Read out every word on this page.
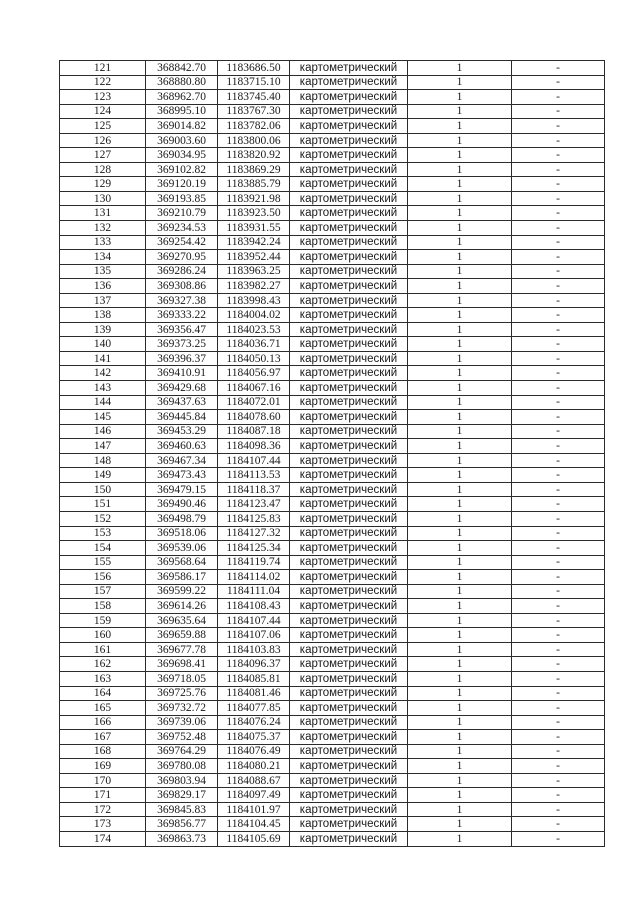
121	368842.70	1183686.50	картометрический	1	-
122	368880.80	1183715.10	картометрический	1	-
123	368962.70	1183745.40	картометрический	1	-
124	368995.10	1183767.30	картометрический	1	-
125	369014.82	1183782.06	картометрический	1	-
126	369003.60	1183800.06	картометрический	1	-
127	369034.95	1183820.92	картометрический	1	-
128	369102.82	1183869.29	картометрический	1	-
129	369120.19	1183885.79	картометрический	1	-
130	369193.85	1183921.98	картометрический	1	-
131	369210.79	1183923.50	картометрический	1	-
132	369234.53	1183931.55	картометрический	1	-
133	369254.42	1183942.24	картометрический	1	-
134	369270.95	1183952.44	картометрический	1	-
135	369286.24	1183963.25	картометрический	1	-
136	369308.86	1183982.27	картометрический	1	-
137	369327.38	1183998.43	картометрический	1	-
138	369333.22	1184004.02	картометрический	1	-
139	369356.47	1184023.53	картометрический	1	-
140	369373.25	1184036.71	картометрический	1	-
141	369396.37	1184050.13	картометрический	1	-
142	369410.91	1184056.97	картометрический	1	-
143	369429.68	1184067.16	картометрический	1	-
144	369437.63	1184072.01	картометрический	1	-
145	369445.84	1184078.60	картометрический	1	-
146	369453.29	1184087.18	картометрический	1	-
147	369460.63	1184098.36	картометрический	1	-
148	369467.34	1184107.44	картометрический	1	-
149	369473.43	1184113.53	картометрический	1	-
150	369479.15	1184118.37	картометрический	1	-
151	369490.46	1184123.47	картометрический	1	-
152	369498.79	1184125.83	картометрический	1	-
153	369518.06	1184127.32	картометрический	1	-
154	369539.06	1184125.34	картометрический	1	-
155	369568.64	1184119.74	картометрический	1	-
156	369586.17	1184114.02	картометрический	1	-
157	369599.22	1184111.04	картометрический	1	-
158	369614.26	1184108.43	картометрический	1	-
159	369635.64	1184107.44	картометрический	1	-
160	369659.88	1184107.06	картометрический	1	-
161	369677.78	1184103.83	картометрический	1	-
162	369698.41	1184096.37	картометрический	1	-
163	369718.05	1184085.81	картометрический	1	-
164	369725.76	1184081.46	картометрический	1	-
165	369732.72	1184077.85	картометрический	1	-
166	369739.06	1184076.24	картометрический	1	-
167	369752.48	1184075.37	картометрический	1	-
168	369764.29	1184076.49	картометрический	1	-
169	369780.08	1184080.21	картометрический	1	-
170	369803.94	1184088.67	картометрический	1	-
171	369829.17	1184097.49	картометрический	1	-
172	369845.83	1184101.97	картометрический	1	-
173	369856.77	1184104.45	картометрический	1	-
174	369863.73	1184105.69	картометрический	1	-
